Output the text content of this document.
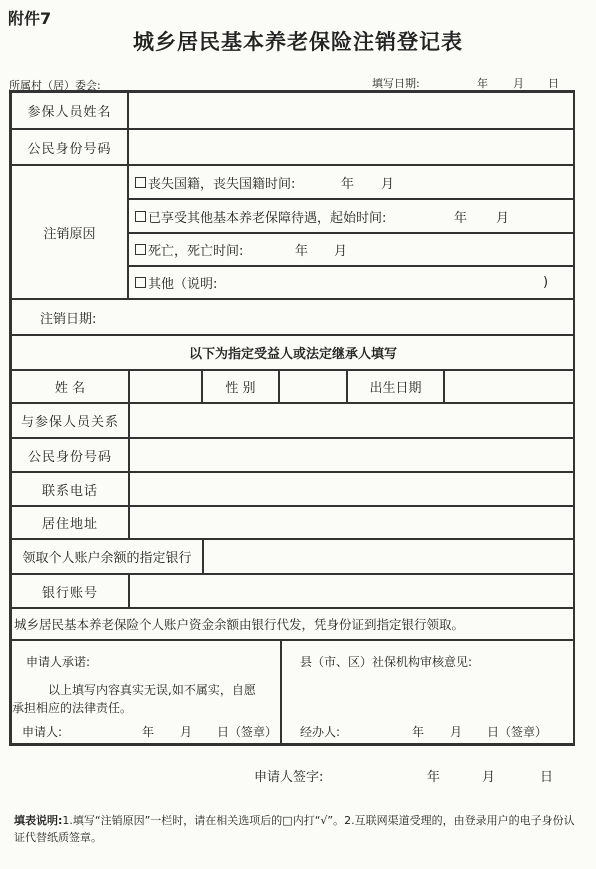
附件7
城乡居民基本养老保险注销登记表
所属村（居）委会:	填写日期:	年 月 日
参保人员姓名
公民身份号码
注销原因
丧失国籍，丧失国籍时间:	年 月
已享受其他基本养老保障待遇，起始时间:	年 月
死亡，死亡时间:	年 月
其他（说明:	)
注销日期:
以下为指定受益人或法定继承人填写
姓 名	性 别	出生日期
与参保人员关系
公民身份号码
联系电话
居住地址
领取个人账户余额的指定银行
银行账号
城乡居民基本养老保险个人账户资金余额由银行代发，凭身份证到指定银行领取。
申请人承诺:
以上填写内容真实无误,如不属实，自愿
承担相应的法律责任。
申请人:	年 月 日（签章）
县（市、区）社保机构审核意见:
经办人:	年 月 日（签章）
申请人签字:	年	月	日
填表说明:1.填写“注销原因”一栏时，请在相关选项后的□内打“√”。2.互联网渠道受理的，由登录用户的电子身份认证代替纸质签章。
